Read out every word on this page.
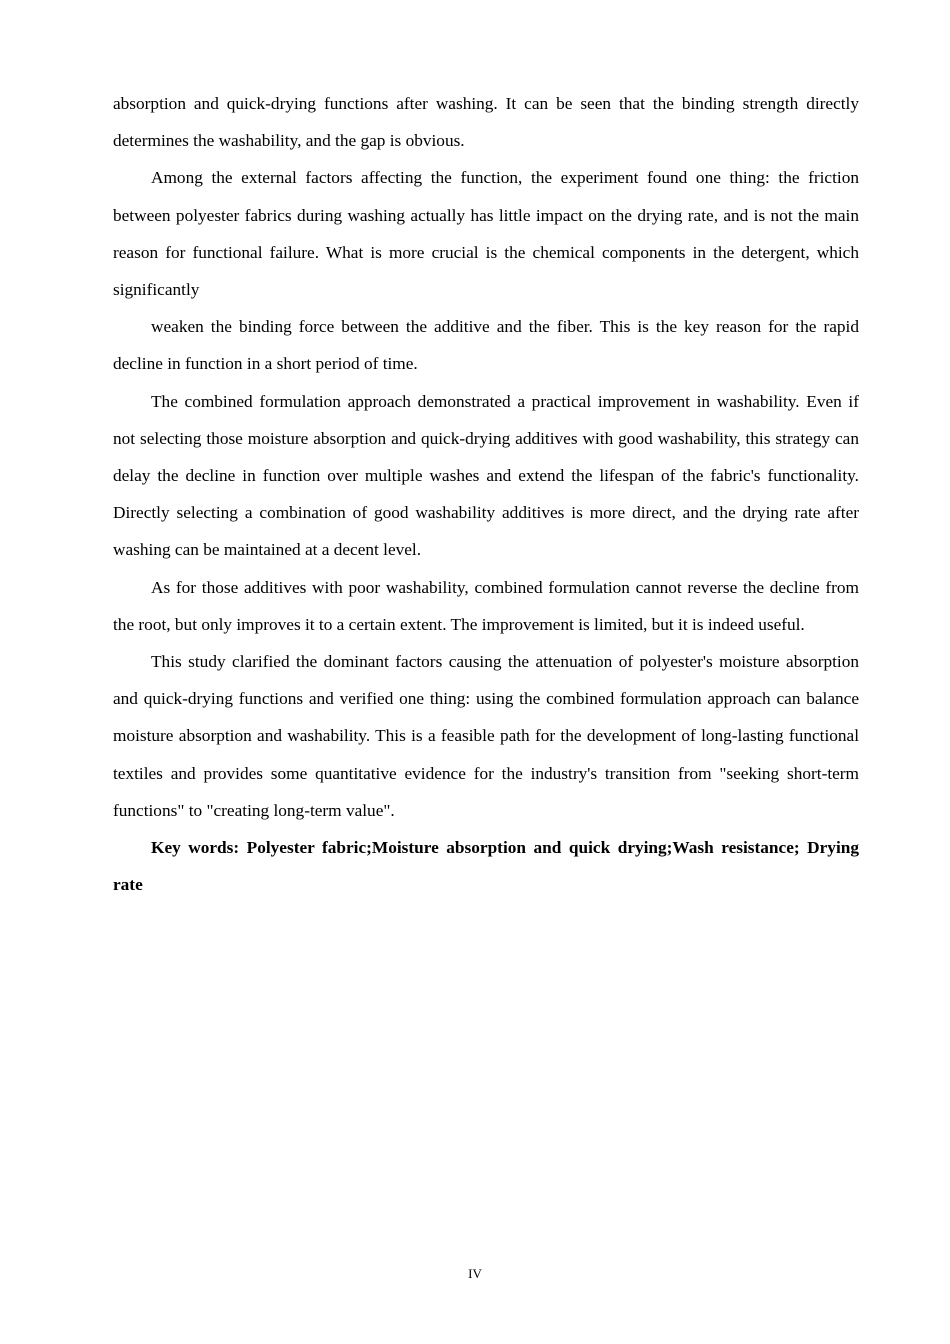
absorption and quick-drying functions after washing. It can be seen that the binding strength directly determines the washability, and the gap is obvious.

Among the external factors affecting the function, the experiment found one thing: the friction between polyester fabrics during washing actually has little impact on the drying rate, and is not the main reason for functional failure. What is more crucial is the chemical components in the detergent, which significantly

weaken the binding force between the additive and the fiber. This is the key reason for the rapid decline in function in a short period of time.

The combined formulation approach demonstrated a practical improvement in washability. Even if not selecting those moisture absorption and quick-drying additives with good washability, this strategy can delay the decline in function over multiple washes and extend the lifespan of the fabric's functionality. Directly selecting a combination of good washability additives is more direct, and the drying rate after washing can be maintained at a decent level.

As for those additives with poor washability, combined formulation cannot reverse the decline from the root, but only improves it to a certain extent. The improvement is limited, but it is indeed useful.

This study clarified the dominant factors causing the attenuation of polyester's moisture absorption and quick-drying functions and verified one thing: using the combined formulation approach can balance moisture absorption and washability. This is a feasible path for the development of long-lasting functional textiles and provides some quantitative evidence for the industry's transition from "seeking short-term functions" to "creating long-term value".

Key words: Polyester fabric;Moisture absorption and quick drying;Wash resistance; Drying rate

IV
